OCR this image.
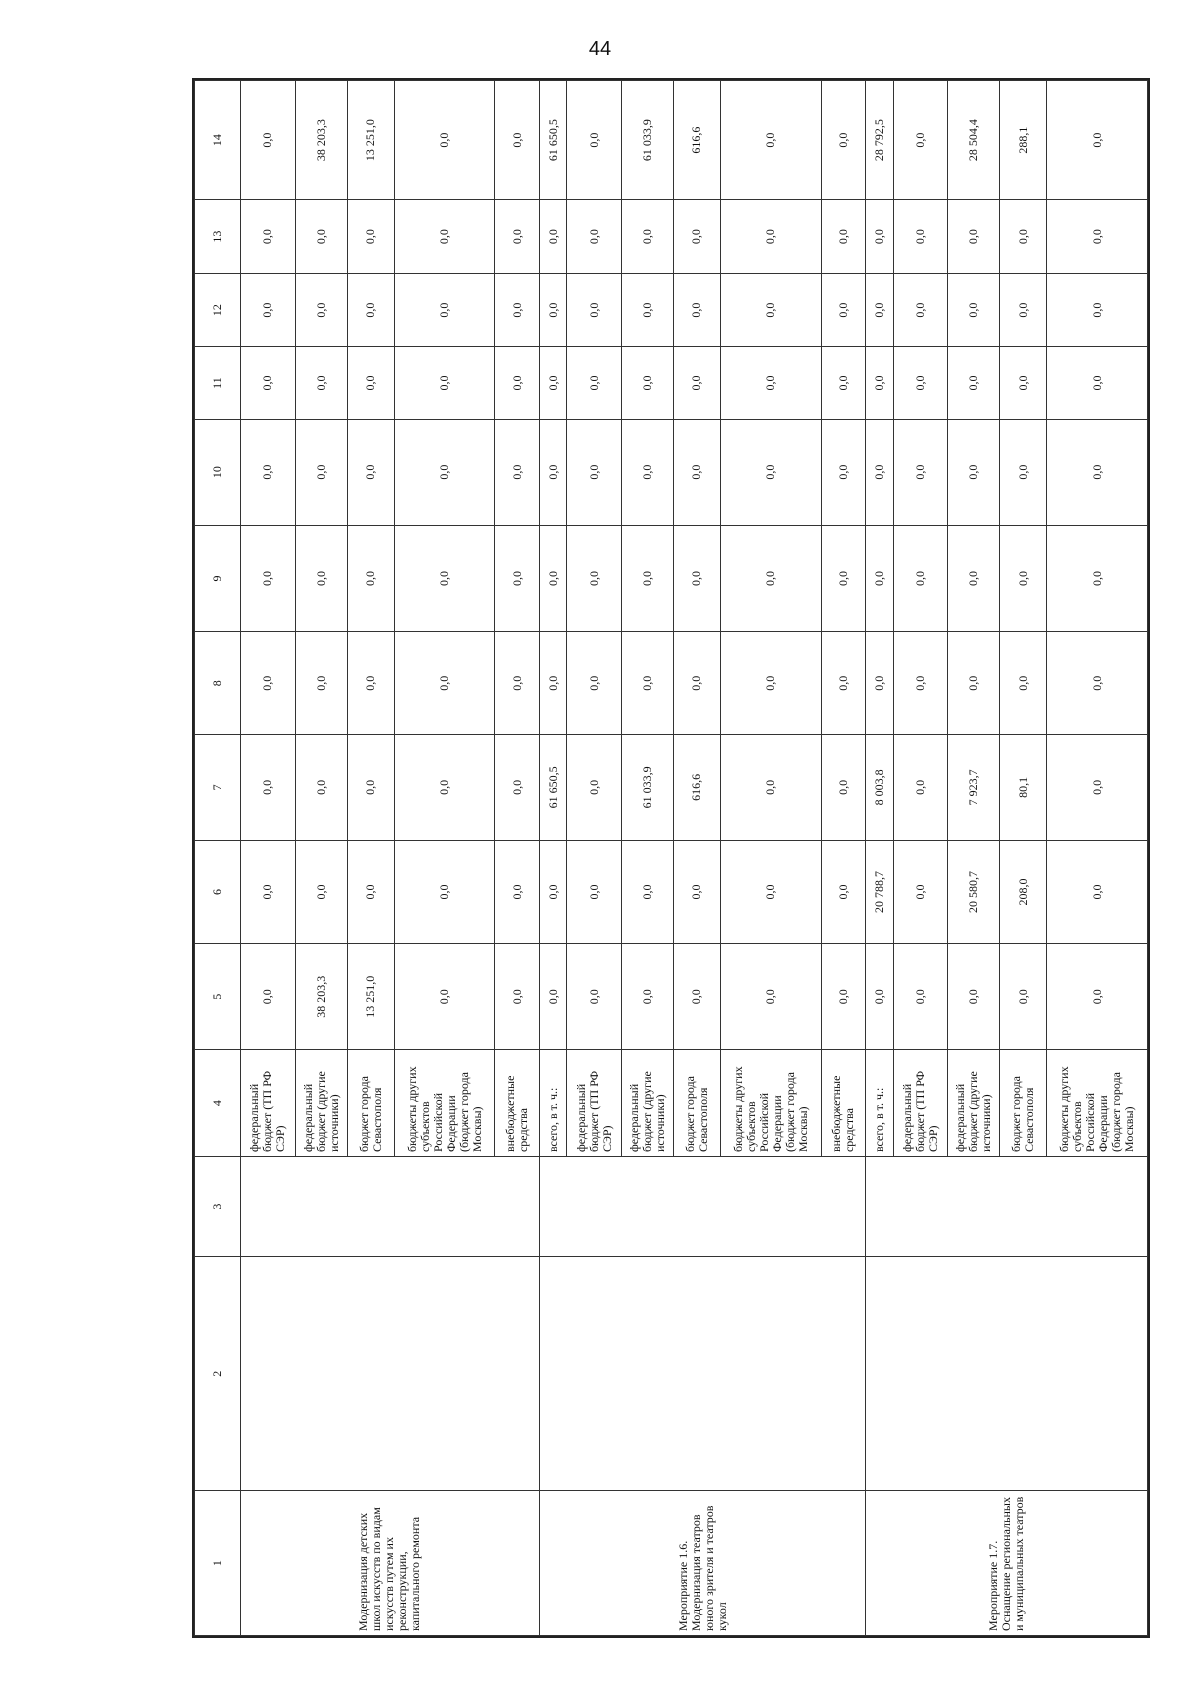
44
1	2	3	4	5	6	7	8	9	10	11	12	13	14
Модернизация детских школ искусств по видам искусств путем их реконструкции, капитального ремонта			федеральный бюджет (ТП РФ СЭР)	0,0	0,0	0,0	0,0	0,0	0,0	0,0	0,0	0,0	0,0
			федеральный бюджет (другие источники)	38 203,3	0,0	0,0	0,0	0,0	0,0	0,0	0,0	0,0	38 203,3
			бюджет города Севастополя	13 251,0	0,0	0,0	0,0	0,0	0,0	0,0	0,0	0,0	13 251,0
			бюджеты других субъектов Российской Федерации (бюджет города Москвы)	0,0	0,0	0,0	0,0	0,0	0,0	0,0	0,0	0,0	0,0
			внебюджетные средства	0,0	0,0	0,0	0,0	0,0	0,0	0,0	0,0	0,0	0,0
Мероприятие 1.6. Модернизация театров юного зрителя и театров кукол			всего, в т. ч.:	0,0	0,0	61 650,5	0,0	0,0	0,0	0,0	0,0	0,0	61 650,5
			федеральный бюджет (ТП РФ СЭР)	0,0	0,0	0,0	0,0	0,0	0,0	0,0	0,0	0,0	0,0
			федеральный бюджет (другие источники)	0,0	0,0	61 033,9	0,0	0,0	0,0	0,0	0,0	0,0	61 033,9
			бюджет города Севастополя	0,0	0,0	616,6	0,0	0,0	0,0	0,0	0,0	0,0	616,6
			бюджеты других субъектов Российской Федерации (бюджет города Москвы)	0,0	0,0	0,0	0,0	0,0	0,0	0,0	0,0	0,0	0,0
			внебюджетные средства	0,0	0,0	0,0	0,0	0,0	0,0	0,0	0,0	0,0	0,0
Мероприятие 1.7. Оснащение региональных и муниципальных театров			всего, в т. ч.:	0,0	20 788,7	8 003,8	0,0	0,0	0,0	0,0	0,0	0,0	28 792,5
			федеральный бюджет (ТП РФ СЭР)	0,0	0,0	0,0	0,0	0,0	0,0	0,0	0,0	0,0	0,0
			федеральный бюджет (другие источники)	0,0	20 580,7	7 923,7	0,0	0,0	0,0	0,0	0,0	0,0	28 504,4
			бюджет города Севастополя	0,0	208,0	80,1	0,0	0,0	0,0	0,0	0,0	0,0	288,1
			бюджеты других субъектов Российской Федерации (бюджет города Москвы)	0,0	0,0	0,0	0,0	0,0	0,0	0,0	0,0	0,0	0,0
